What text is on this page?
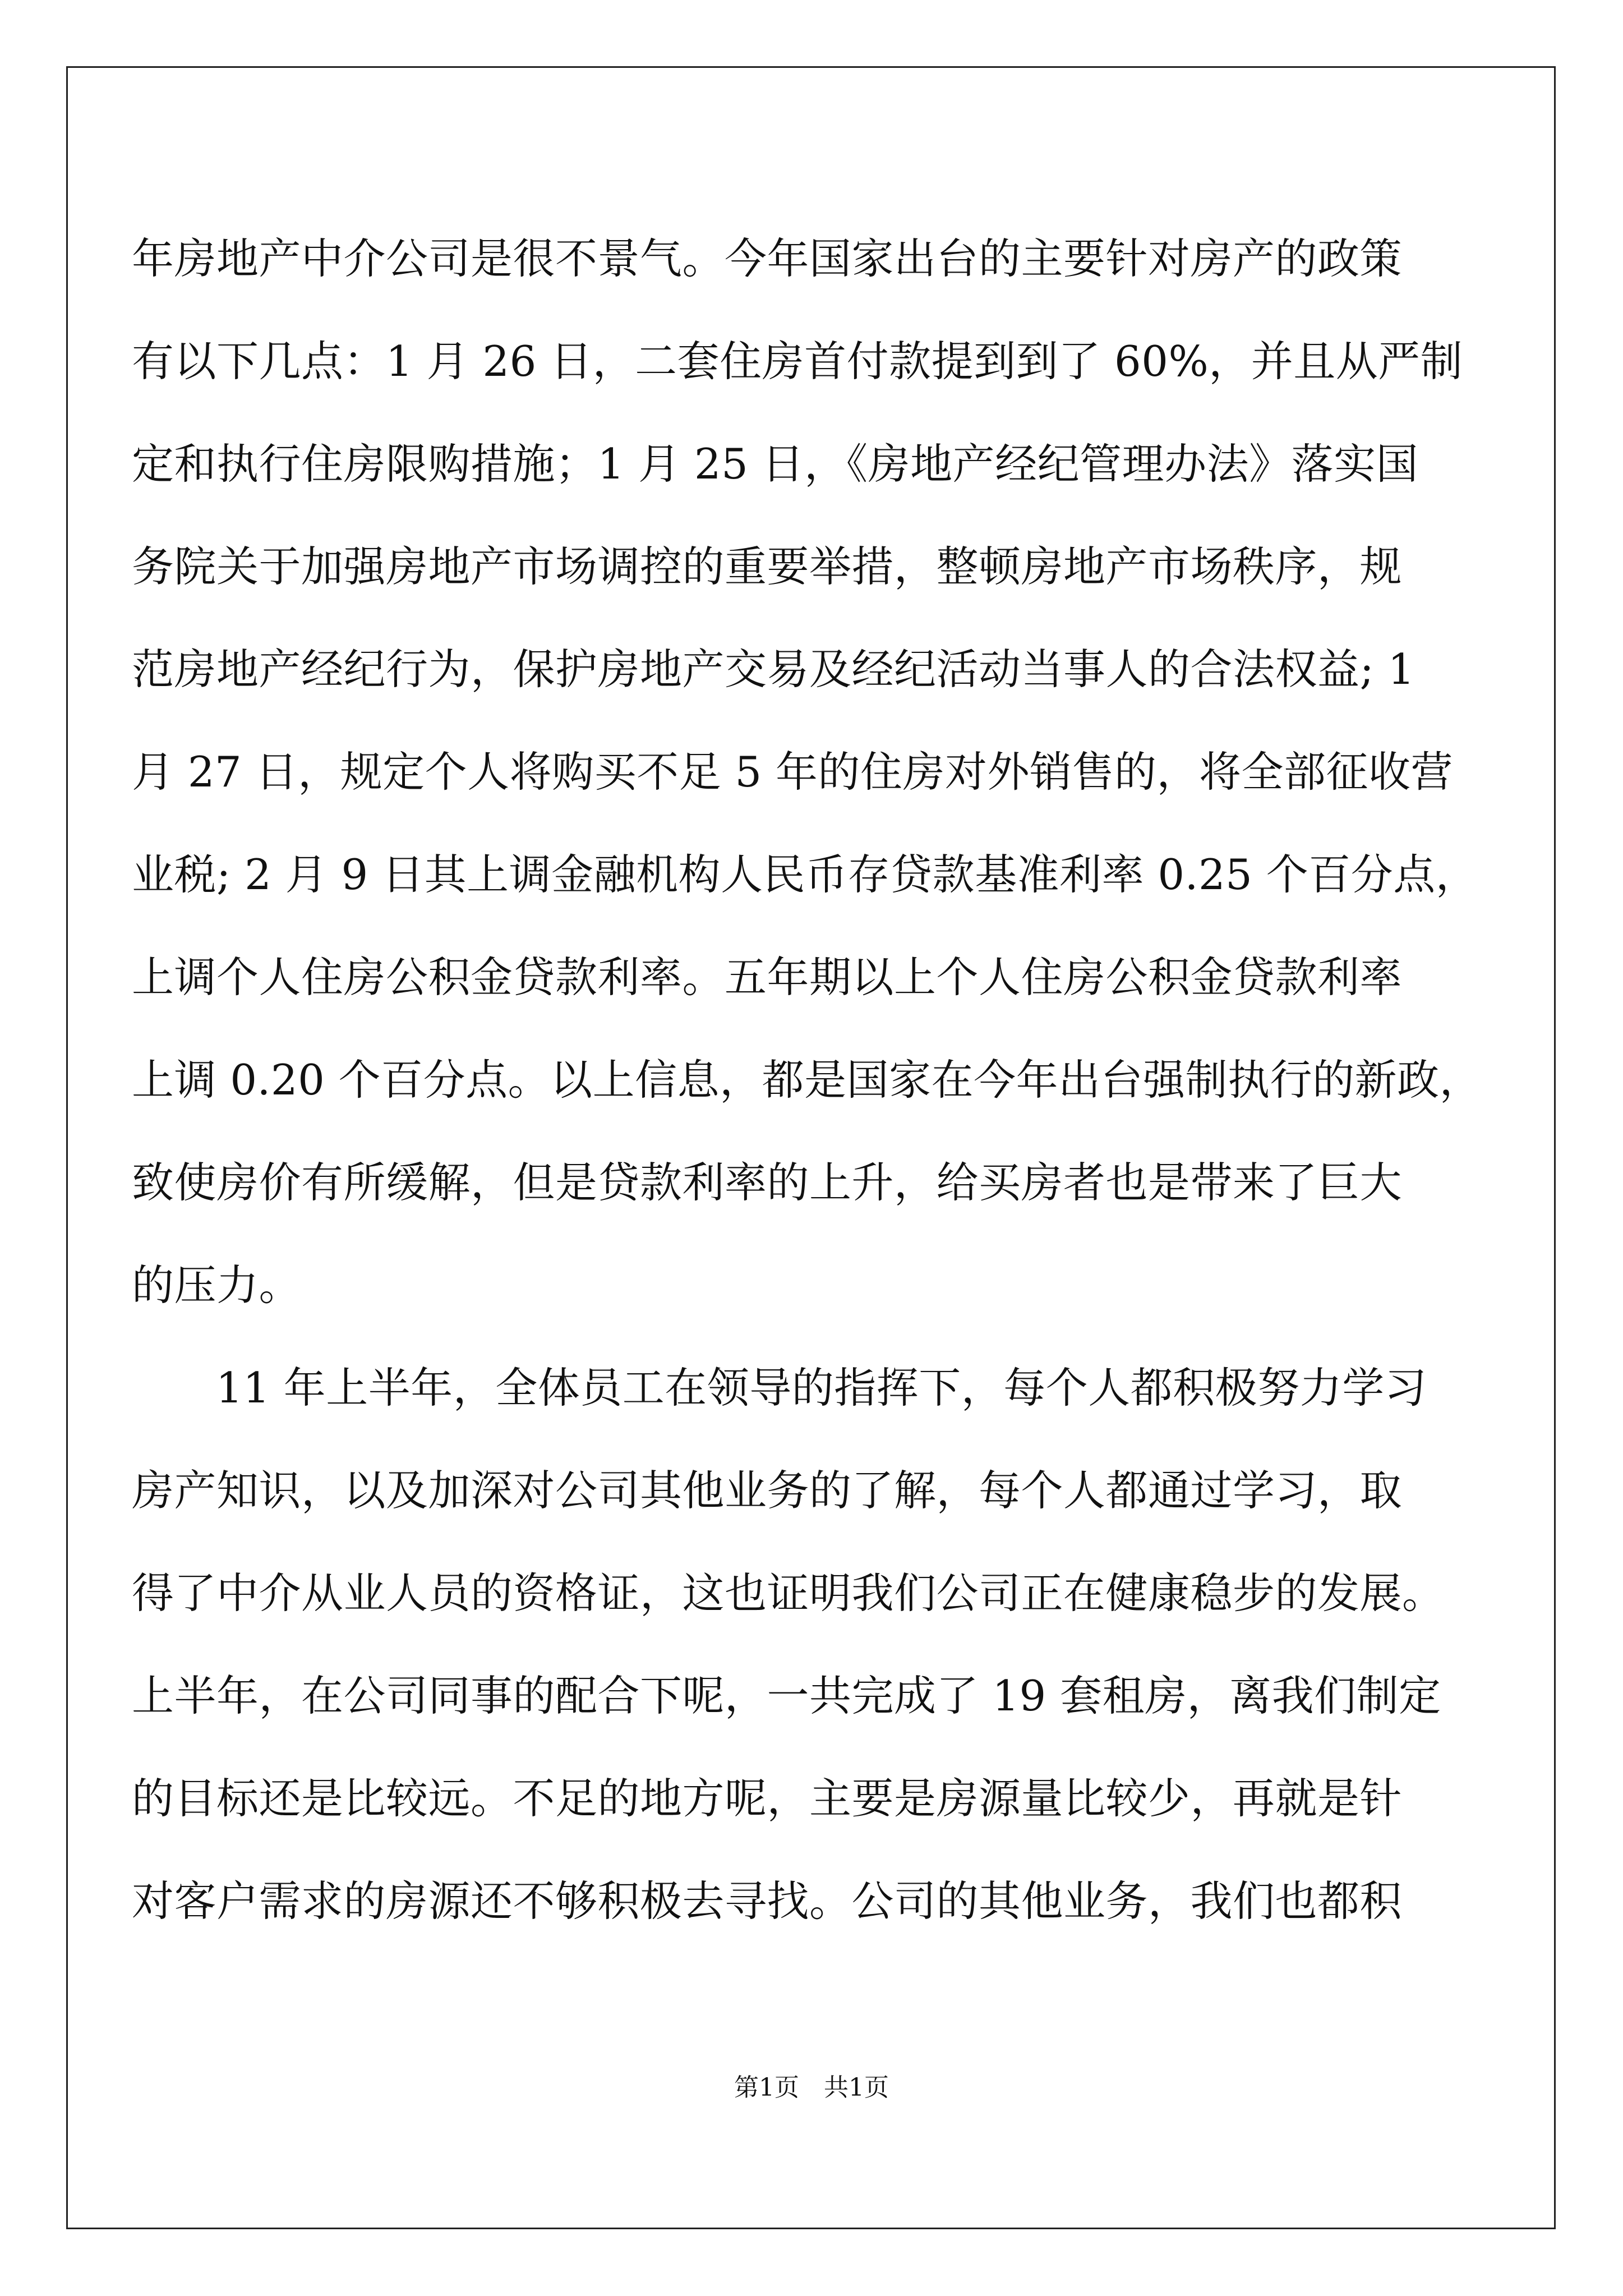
年房地产中介公司是很不景气。今年国家出台的主要针对房产的政策
有以下几点：1 月 26 日，二套住房首付款提到到了 60%，并且从严制
定和执行住房限购措施；1 月 25 日，《房地产经纪管理办法》落实国
务院关于加强房地产市场调控的重要举措，整顿房地产市场秩序，规
范房地产经纪行为，保护房地产交易及经纪活动当事人的合法权益; 1
月 27 日，规定个人将购买不足 5 年的住房对外销售的，将全部征收营
业税; 2 月 9 日其上调金融机构人民币存贷款基准利率 0.25 个百分点，
上调个人住房公积金贷款利率。五年期以上个人住房公积金贷款利率
上调 0.20 个百分点。以上信息，都是国家在今年出台强制执行的新政，
致使房价有所缓解，但是贷款利率的上升，给买房者也是带来了巨大
的压力。
11 年上半年，全体员工在领导的指挥下，每个人都积极努力学习
房产知识，以及加深对公司其他业务的了解，每个人都通过学习，取
得了中介从业人员的资格证，这也证明我们公司正在健康稳步的发展。
上半年，在公司同事的配合下呢，一共完成了 19 套租房，离我们制定
的目标还是比较远。不足的地方呢，主要是房源量比较少，再就是针
对客户需求的房源还不够积极去寻找。公司的其他业务，我们也都积
第1页　共1页
